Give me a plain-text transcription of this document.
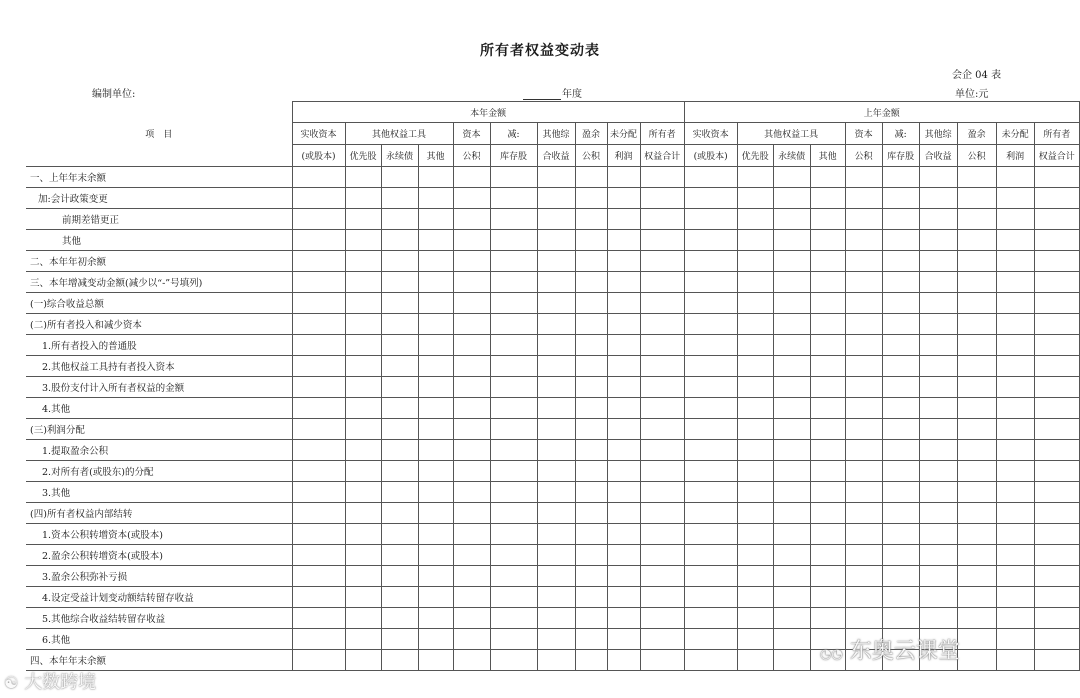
所有者权益变动表
会企 04 表
编制单位:	年度	单位:元
项　目	本年金额										上年金额									
	实收资本	其他权益工具			资本	减:	其他综	盈余	未分配	所有者	实收资本	其他权益工具			资本	减:	其他综	盈余	未分配	所有者
	(或股本)	优先股	永续债	其他	公积	库存股	合收益	公积	利润	权益合计	(或股本)	优先股	永续债	其他	公积	库存股	合收益	公积	利润	权益合计
一、上年年末余额																				
加:会计政策变更																				
前期差错更正																				
其他																				
二、本年年初余额																				
三、本年增减变动金额(减少以“-”号填列)																				
(一)综合收益总额																				
(二)所有者投入和减少资本																				
1.所有者投入的普通股																				
2.其他权益工具持有者投入资本																				
3.股份支付计入所有者权益的金额																				
4.其他																				
(三)利润分配																				
1.提取盈余公积																				
2.对所有者(或股东)的分配																				
3.其他																				
(四)所有者权益内部结转																				
1.资本公积转增资本(或股本)																				
2.盈余公积转增资本(或股本)																				
3.盈余公积弥补亏损																				
4.设定受益计划变动额结转留存收益																				
5.其他综合收益结转留存收益																				
6.其他																				
四、本年年末余额																				
☯ 大数跨境
◔◔ 东奥云课堂
